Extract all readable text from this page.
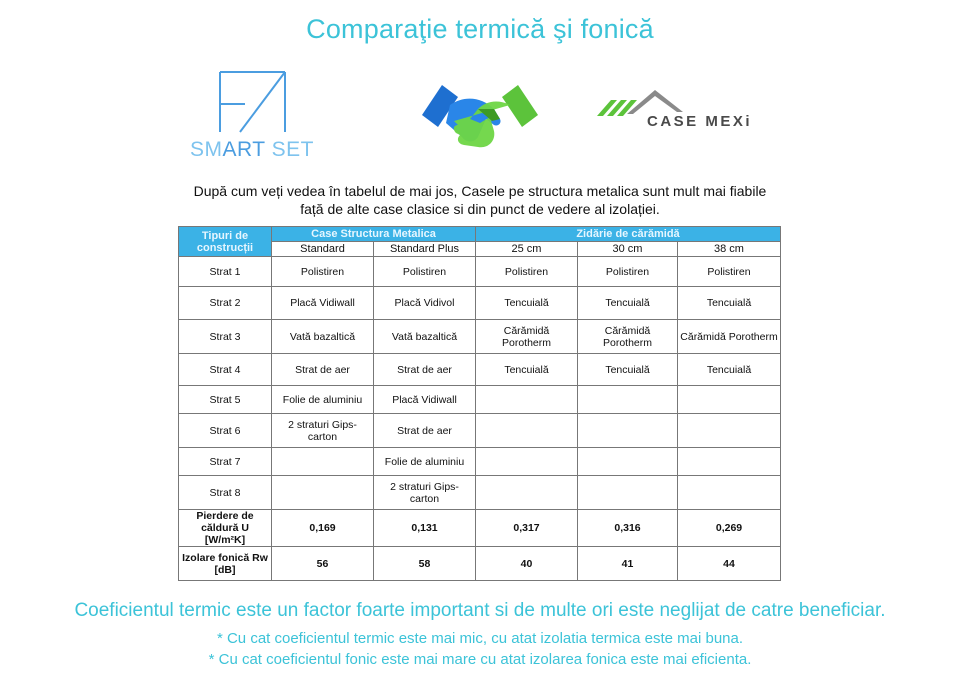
Comparaţie termică şi fonică
SMART SET
CASE MEXi
După cum veți vedea în tabelul de mai jos, Casele pe structura metalica sunt mult mai fiabile
față de alte case clasice si din punct de vedere al izolației.
Tipuri de construcții	Case Structura Metalica		Zidărie de cărămidă		
	Standard	Standard Plus	25 cm	30 cm	38 cm
Strat 1	Polistiren	Polistiren	Polistiren	Polistiren	Polistiren
Strat 2	Placă Vidiwall	Placă Vidivol	Tencuială	Tencuială	Tencuială
Strat 3	Vată bazaltică	Vată bazaltică	Cărămidă Porotherm	Cărămidă Porotherm	Cărămidă Porotherm
Strat 4	Strat de aer	Strat de aer	Tencuială	Tencuială	Tencuială
Strat 5	Folie de aluminiu	Placă Vidiwall			
Strat 6	2 straturi Gips-carton	Strat de aer			
Strat 7		Folie de aluminiu			
Strat 8		2 straturi Gips-carton			
Pierdere de căldură U [W/m²K]	0,169	0,131	0,317	0,316	0,269
Izolare fonică Rw [dB]	56	58	40	41	44
Coeficientul termic este un factor foarte important si de multe ori este neglijat de catre beneficiar.
* Cu cat coeficientul termic este mai mic, cu atat izolatia termica este mai buna.
* Cu cat coeficientul fonic este mai mare cu atat izolarea fonica este mai eficienta.
